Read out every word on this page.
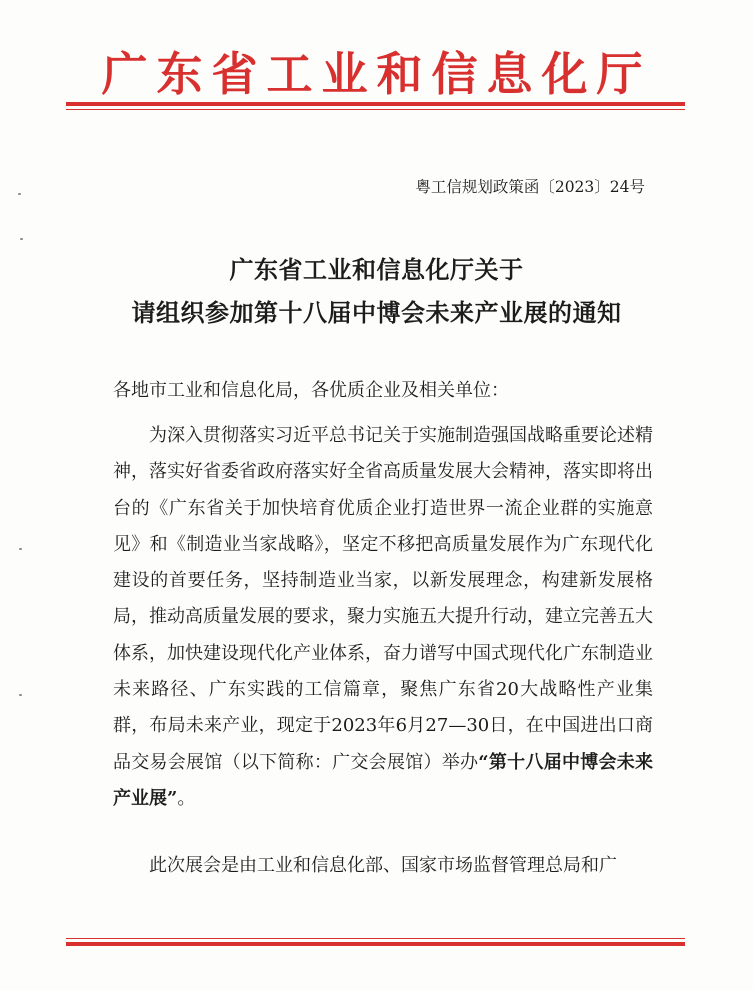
广东省工业和信息化厅
粤工信规划政策函〔2023〕24号
广东省工业和信息化厅关于
请组织参加第十八届中博会未来产业展的通知
各地市工业和信息化局，各优质企业及相关单位：
为深入贯彻落实习近平总书记关于实施制造强国战略重要论述精神，落实好省委省政府落实好全省高质量发展大会精神，落实即将出台的《广东省关于加快培育优质企业打造世界一流企业群的实施意见》和《制造业当家战略》，坚定不移把高质量发展作为广东现代化建设的首要任务，坚持制造业当家，以新发展理念，构建新发展格局，推动高质量发展的要求，聚力实施五大提升行动，建立完善五大体系，加快建设现代化产业体系，奋力谱写中国式现代化广东制造业未来路径、广东实践的工信篇章，聚焦广东省20大战略性产业集群，布局未来产业，现定于2023年6月27—30日，在中国进出口商品交易会展馆（以下简称：广交会展馆）举办“第十八届中博会未来产业展”。
此次展会是由工业和信息化部、国家市场监督管理总局和广
